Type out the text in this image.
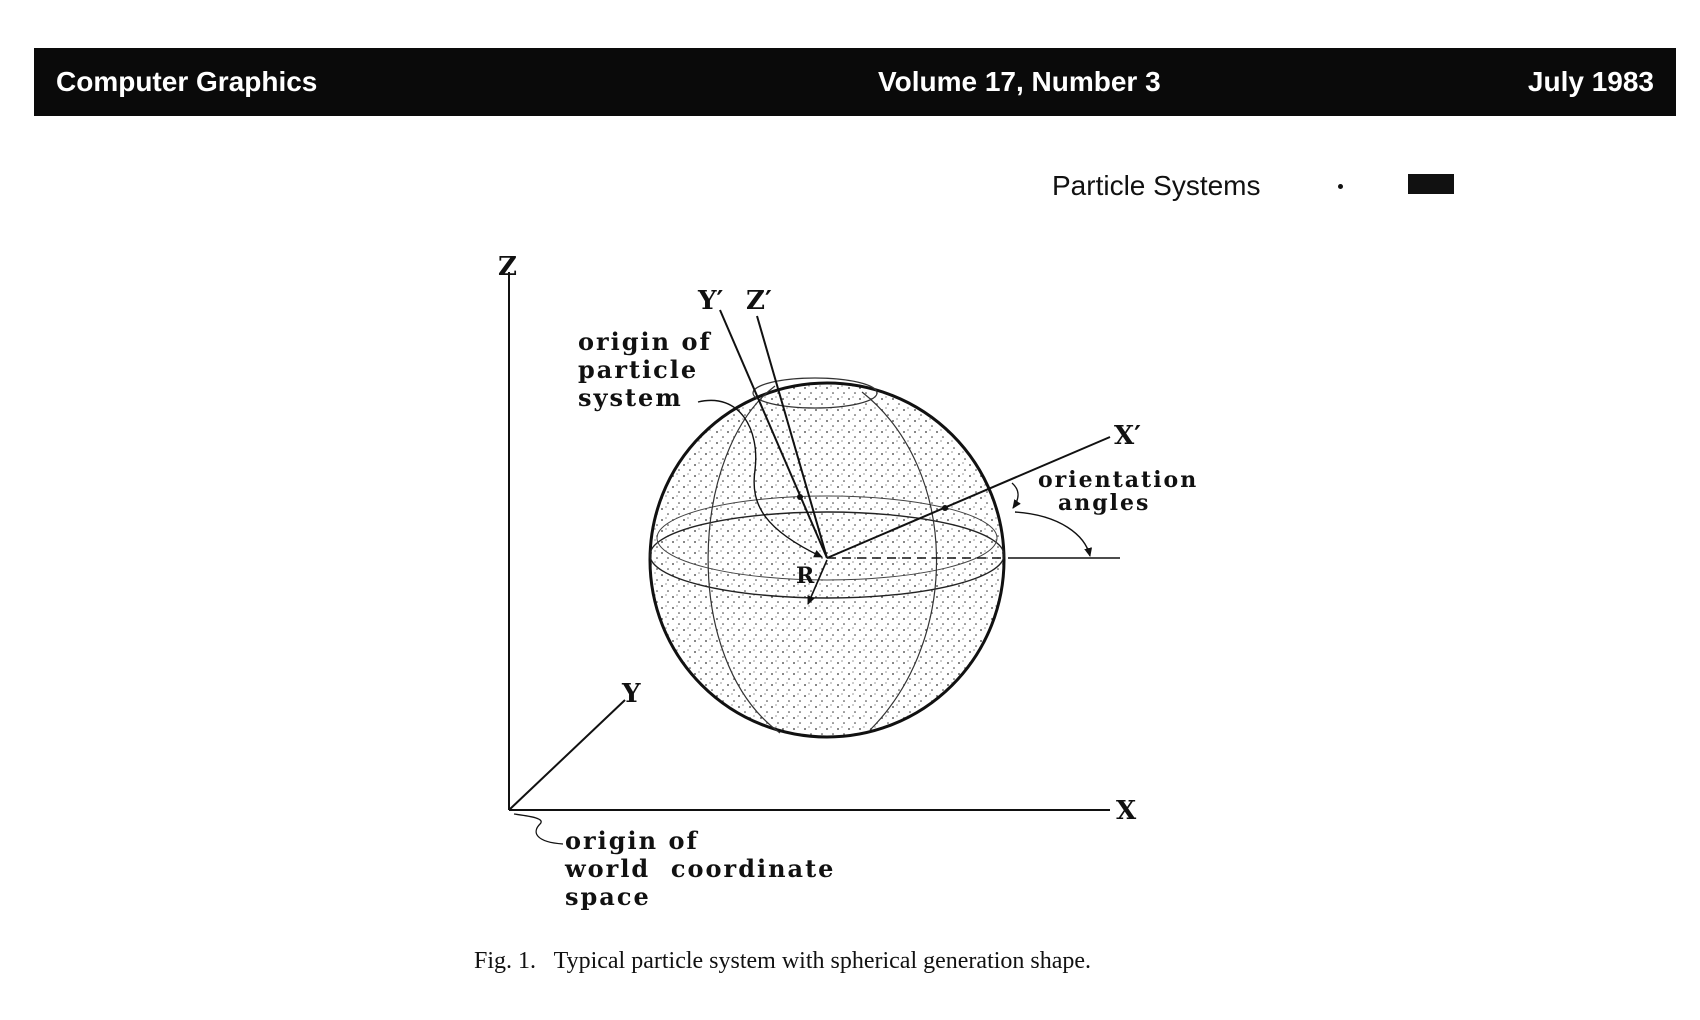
Computer Graphics	Volume 17, Number 3	July 1983
Particle Systems
Z
Y
X
Y′ Z′
X′
R
origin of
particle
system
orientation
angles
origin of
world  coordinate
space
Fig. 1.   Typical particle system with spherical generation shape.
